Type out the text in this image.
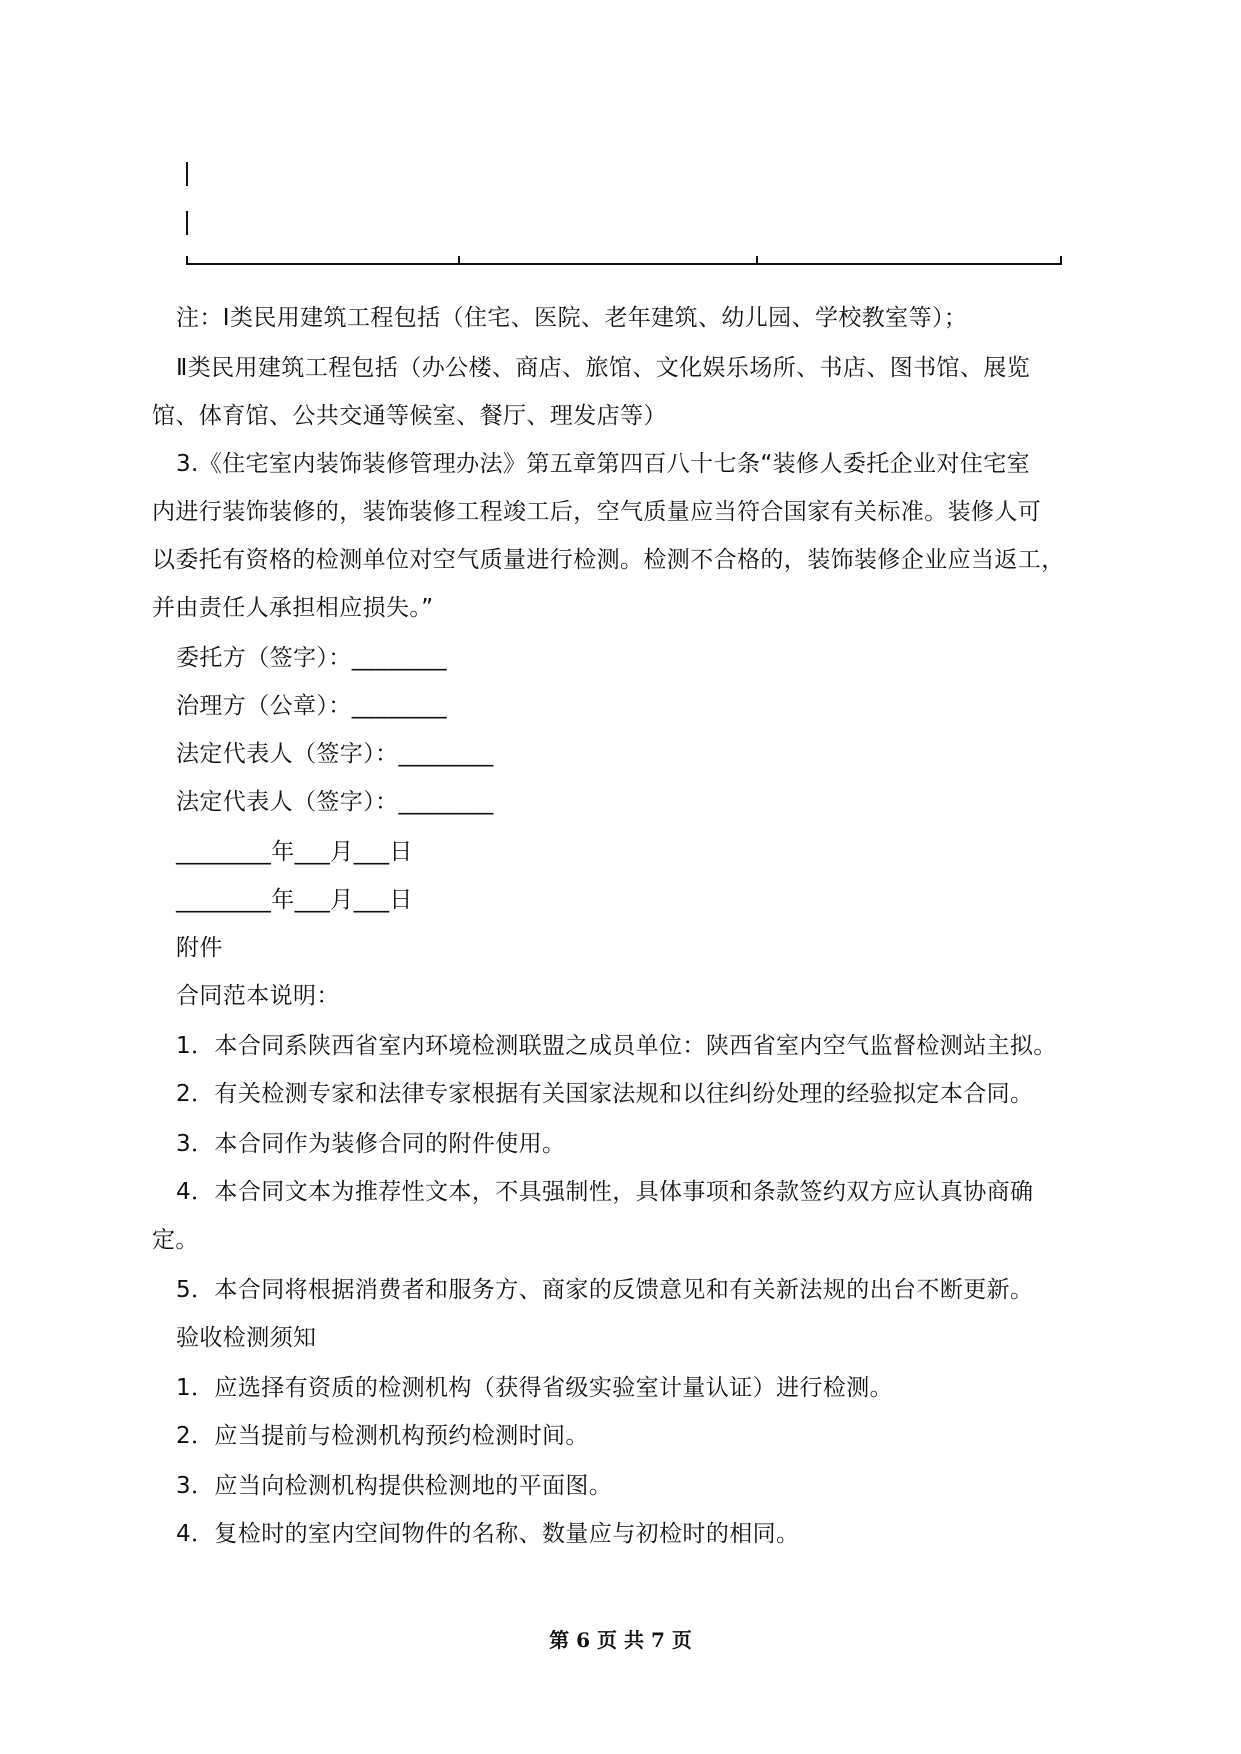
注：Ⅰ类民用建筑工程包括（住宅、医院、老年建筑、幼儿园、学校教室等）；
Ⅱ类民用建筑工程包括（办公楼、商店、旅馆、文化娱乐场所、书店、图书馆、展览
馆、体育馆、公共交通等候室、餐厅、理发店等）
3.《住宅室内装饰装修管理办法》第五章第四百八十七条“装修人委托企业对住宅室
内进行装饰装修的，装饰装修工程竣工后，空气质量应当符合国家有关标准。装修人可
以委托有资格的检测单位对空气质量进行检测。检测不合格的，装饰装修企业应当返工，
并由责任人承担相应损失。”
委托方（签字）：________
治理方（公章）：________
法定代表人（签字）：________
法定代表人（签字）：________
________年___月___日
________年___月___日
附件
合同范本说明：
1．本合同系陕西省室内环境检测联盟之成员单位：陕西省室内空气监督检测站主拟。
2．有关检测专家和法律专家根据有关国家法规和以往纠纷处理的经验拟定本合同。
3．本合同作为装修合同的附件使用。
4．本合同文本为推荐性文本，不具强制性，具体事项和条款签约双方应认真协商确
定。
5．本合同将根据消费者和服务方、商家的反馈意见和有关新法规的出台不断更新。
验收检测须知
1．应选择有资质的检测机构（获得省级实验室计量认证）进行检测。
2．应当提前与检测机构预约检测时间。
3．应当向检测机构提供检测地的平面图。
4．复检时的室内空间物件的名称、数量应与初检时的相同。
第 6 页 共 7 页
